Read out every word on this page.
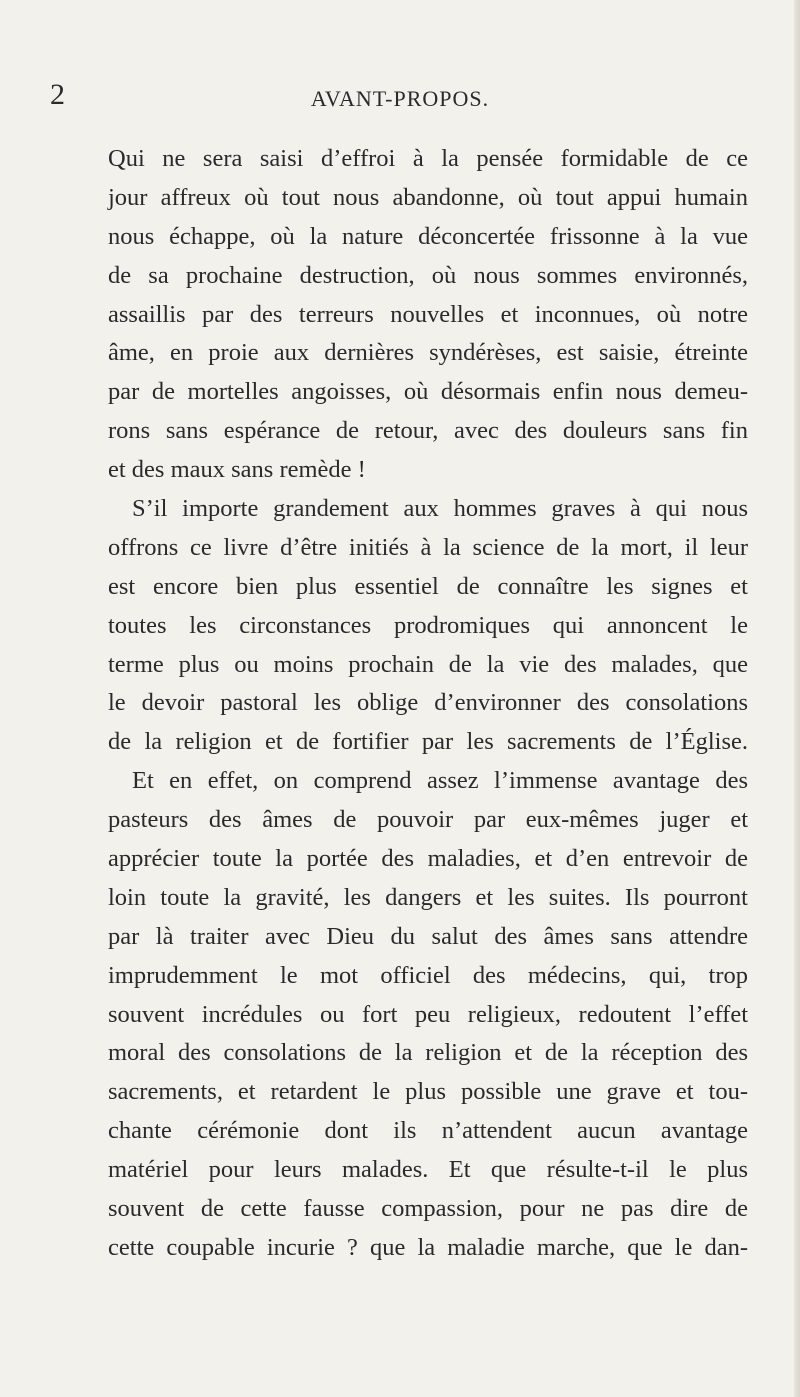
2	AVANT-PROPOS.
Qui ne sera saisi d’effroi à la pensée formidable de ce
jour affreux où tout nous abandonne, où tout appui humain
nous échappe, où la nature déconcertée frissonne à la vue
de sa prochaine destruction, où nous sommes environnés,
assaillis par des terreurs nouvelles et inconnues, où notre
âme, en proie aux dernières syndérèses, est saisie, étreinte
par de mortelles angoisses, où désormais enfin nous demeu-
rons sans espérance de retour, avec des douleurs sans fin
et des maux sans remède !
S’il importe grandement aux hommes graves à qui nous
offrons ce livre d’être initiés à la science de la mort, il leur
est encore bien plus essentiel de connaître les signes et
toutes les circonstances prodromiques qui annoncent le
terme plus ou moins prochain de la vie des malades, que
le devoir pastoral les oblige d’environner des consolations
de la religion et de fortifier par les sacrements de l’Église.
Et en effet, on comprend assez l’immense avantage des
pasteurs des âmes de pouvoir par eux-mêmes juger et
apprécier toute la portée des maladies, et d’en entrevoir de
loin toute la gravité, les dangers et les suites. Ils pourront
par là traiter avec Dieu du salut des âmes sans attendre
imprudemment le mot officiel des médecins, qui, trop
souvent incrédules ou fort peu religieux, redoutent l’effet
moral des consolations de la religion et de la réception des
sacrements, et retardent le plus possible une grave et tou-
chante cérémonie dont ils n’attendent aucun avantage
matériel pour leurs malades. Et que résulte-t-il le plus
souvent de cette fausse compassion, pour ne pas dire de
cette coupable incurie ? que la maladie marche, que le dan-
